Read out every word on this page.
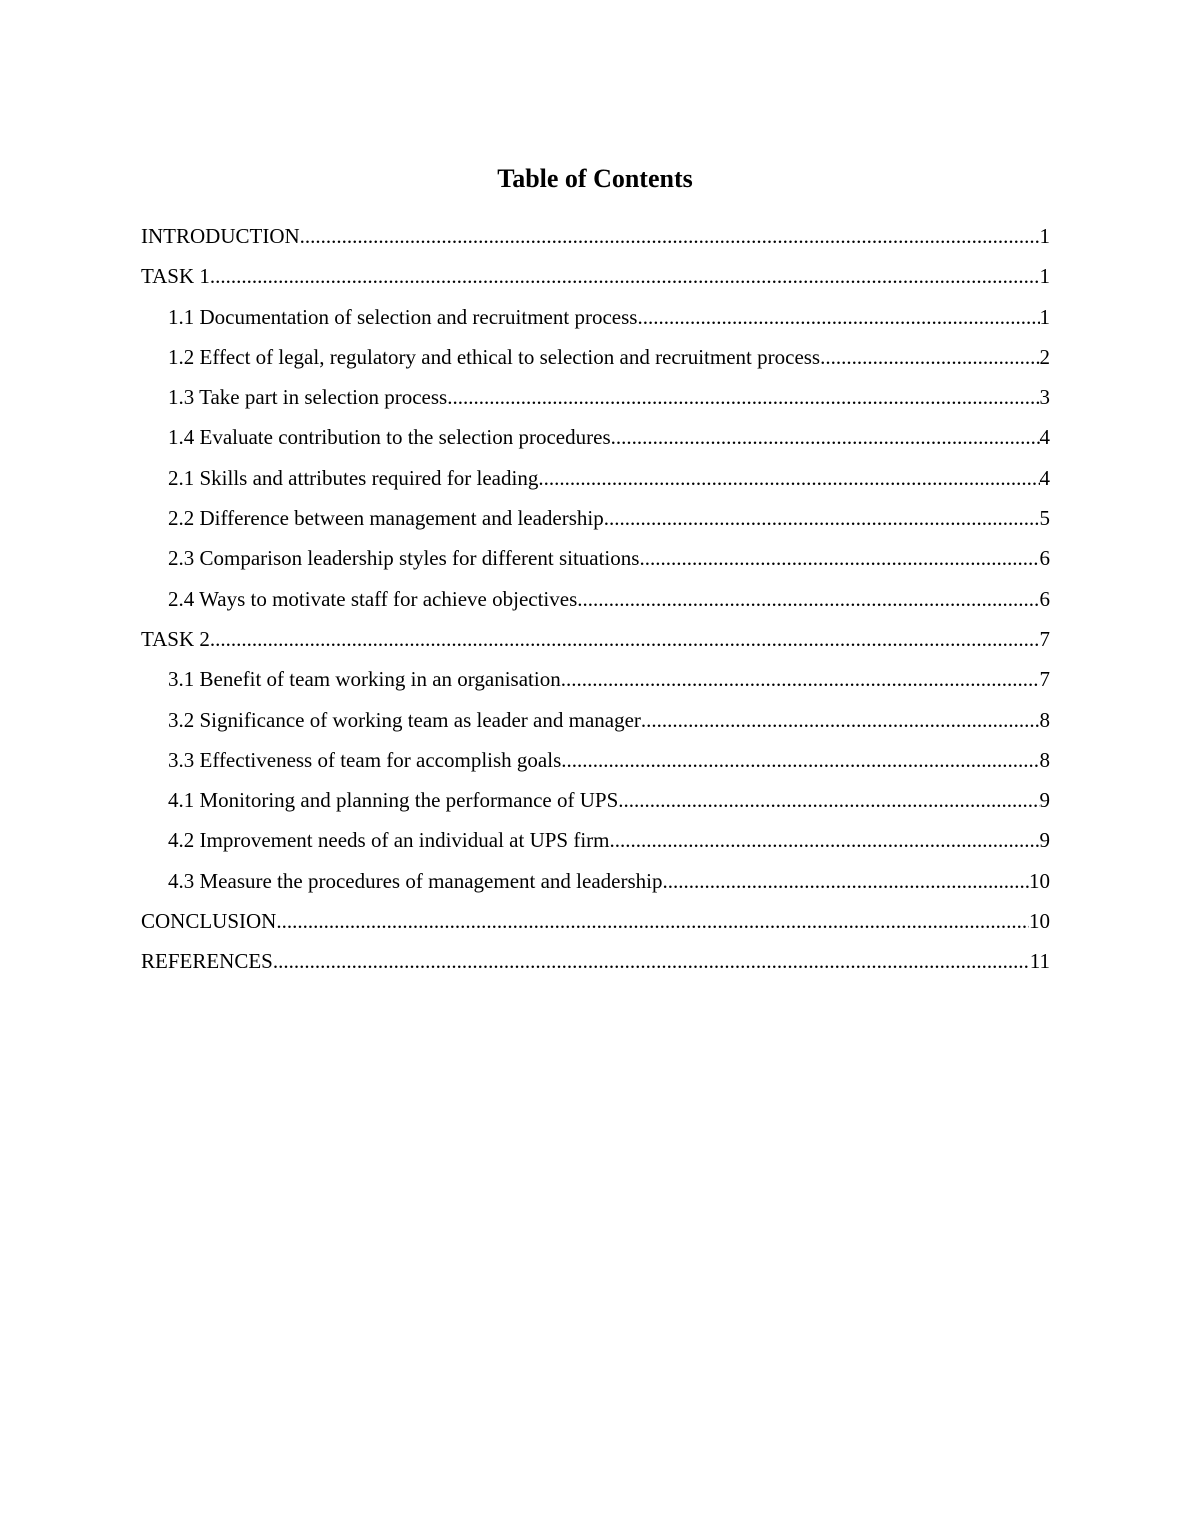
Table of Contents
INTRODUCTION .....	1
TASK 1 .....	1
1.1 Documentation of selection and recruitment process .....	1
1.2 Effect of legal, regulatory and ethical to selection and recruitment process .....	2
1.3 Take part in selection process .....	3
1.4 Evaluate contribution to the selection procedures .....	4
2.1 Skills and attributes required for leading .....	4
2.2 Difference between management and leadership .....	5
2.3 Comparison leadership styles for different situations .....	6
2.4 Ways to motivate staff for achieve objectives .....	6
TASK 2 .....	7
3.1 Benefit of team working in an organisation .....	7
3.2 Significance of working team as leader and manager .....	8
3.3 Effectiveness of team for accomplish goals .....	8
4.1 Monitoring and planning the performance of UPS .....	9
4.2 Improvement needs of an individual at UPS firm .....	9
4.3 Measure the procedures of management and leadership .....	10
CONCLUSION .....	10
REFERENCES .....	11
